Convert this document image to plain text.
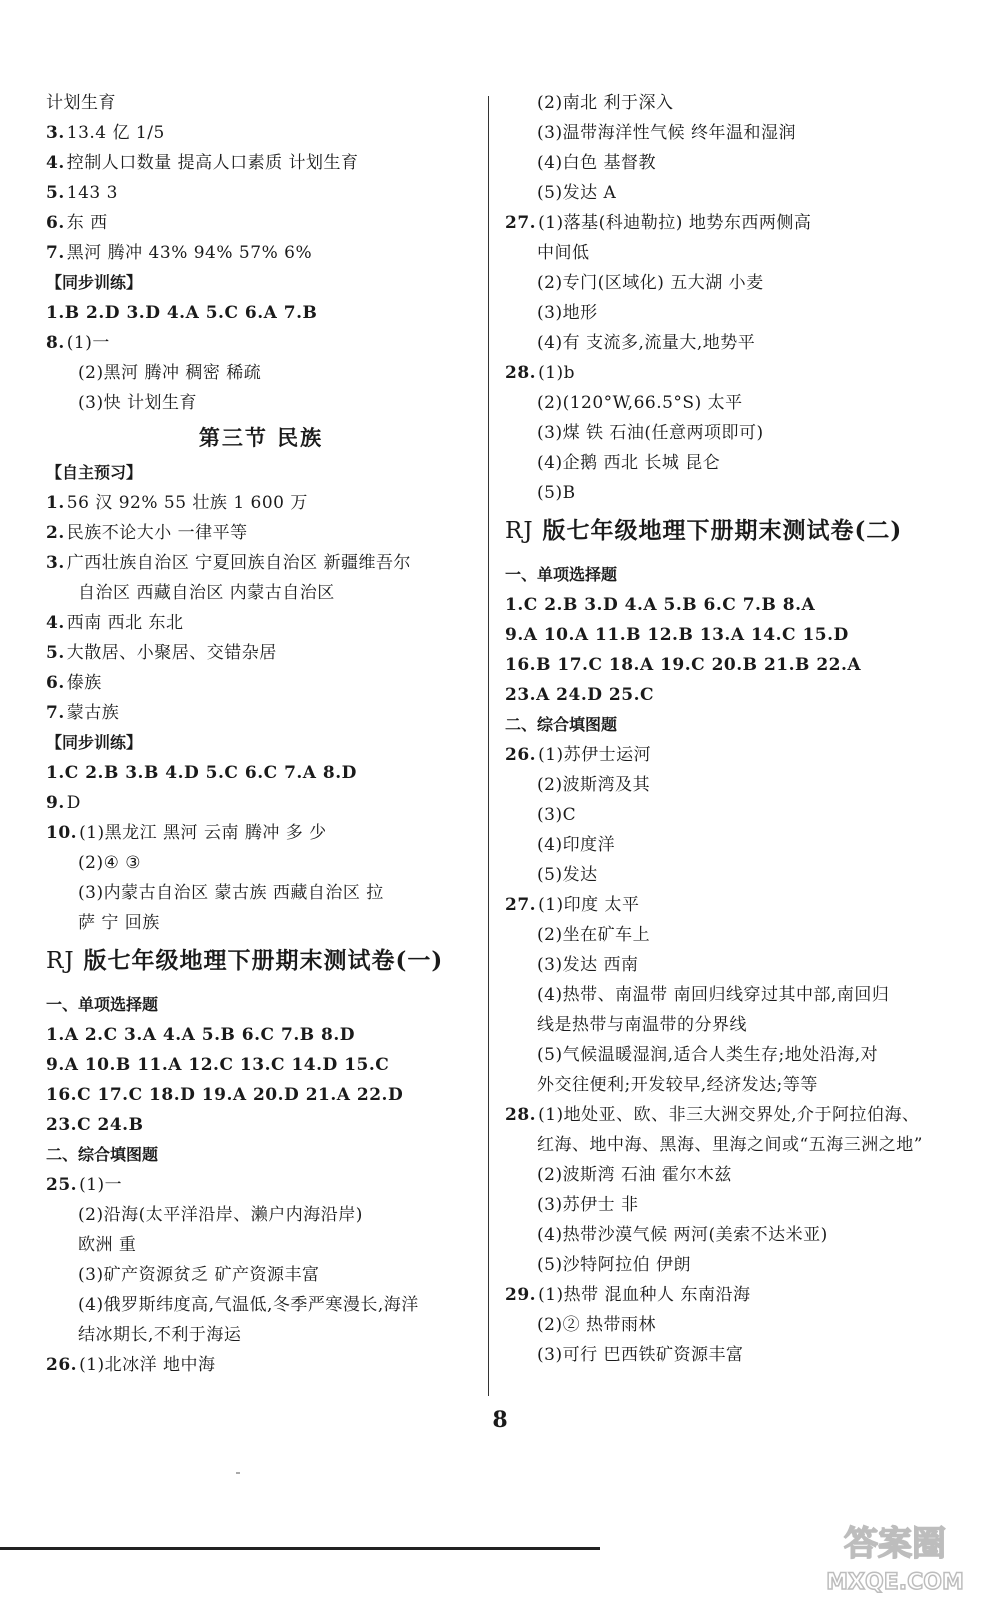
计划生育
3. 13.4 亿 1/5
4. 控制人口数量 提高人口素质 计划生育
5. 143 3
6. 东 西
7. 黑河 腾冲 43% 94% 57% 6%
【同步训练】
1.B 2.D 3.D 4.A 5.C 6.A 7.B
8. (1)一
(2)黑河 腾冲 稠密 稀疏
(3)快 计划生育
第三节 民族
【自主预习】
1. 56 汉 92% 55 壮族 1 600 万
2. 民族不论大小 一律平等
3. 广西壮族自治区 宁夏回族自治区 新疆维吾尔
自治区 西藏自治区 内蒙古自治区
4. 西南 西北 东北
5. 大散居、小聚居、交错杂居
6. 傣族
7. 蒙古族
【同步训练】
1.C 2.B 3.B 4.D 5.C 6.C 7.A 8.D
9. D
10. (1)黑龙江 黑河 云南 腾冲 多 少
(2)④ ③
(3)内蒙古自治区 蒙古族 西藏自治区 拉
萨 宁 回族
RJ 版七年级地理下册期末测试卷(一)
一、单项选择题
1.A 2.C 3.A 4.A 5.B 6.C 7.B 8.D
9.A 10.B 11.A 12.C 13.C 14.D 15.C
16.C 17.C 18.D 19.A 20.D 21.A 22.D
23.C 24.B
二、综合填图题
25. (1)一
(2)沿海(太平洋沿岸、濑户内海沿岸)
欧洲 重
(3)矿产资源贫乏 矿产资源丰富
(4)俄罗斯纬度高,气温低,冬季严寒漫长,海洋
结冰期长,不利于海运
26. (1)北冰洋 地中海
(2)南北 利于深入
(3)温带海洋性气候 终年温和湿润
(4)白色 基督教
(5)发达 A
27. (1)落基(科迪勒拉) 地势东西两侧高
中间低
(2)专门(区域化) 五大湖 小麦
(3)地形
(4)有 支流多,流量大,地势平
28. (1)b
(2)(120°W,66.5°S) 太平
(3)煤 铁 石油(任意两项即可)
(4)企鹅 西北 长城 昆仑
(5)B
RJ 版七年级地理下册期末测试卷(二)
一、单项选择题
1.C 2.B 3.D 4.A 5.B 6.C 7.B 8.A
9.A 10.A 11.B 12.B 13.A 14.C 15.D
16.B 17.C 18.A 19.C 20.B 21.B 22.A
23.A 24.D 25.C
二、综合填图题
26. (1)苏伊士运河
(2)波斯湾及其
(3)C
(4)印度洋
(5)发达
27. (1)印度 太平
(2)坐在矿车上
(3)发达 西南
(4)热带、南温带 南回归线穿过其中部,南回归
线是热带与南温带的分界线
(5)气候温暖湿润,适合人类生存;地处沿海,对
外交往便利;开发较早,经济发达;等等
28. (1)地处亚、欧、非三大洲交界处,介于阿拉伯海、
红海、地中海、黑海、里海之间或“五海三洲之地”
(2)波斯湾 石油 霍尔木兹
(3)苏伊士 非
(4)热带沙漠气候 两河(美索不达米亚)
(5)沙特阿拉伯 伊朗
29. (1)热带 混血种人 东南沿海
(2)② 热带雨林
(3)可行 巴西铁矿资源丰富
8
答案圈
MXQE.COM
